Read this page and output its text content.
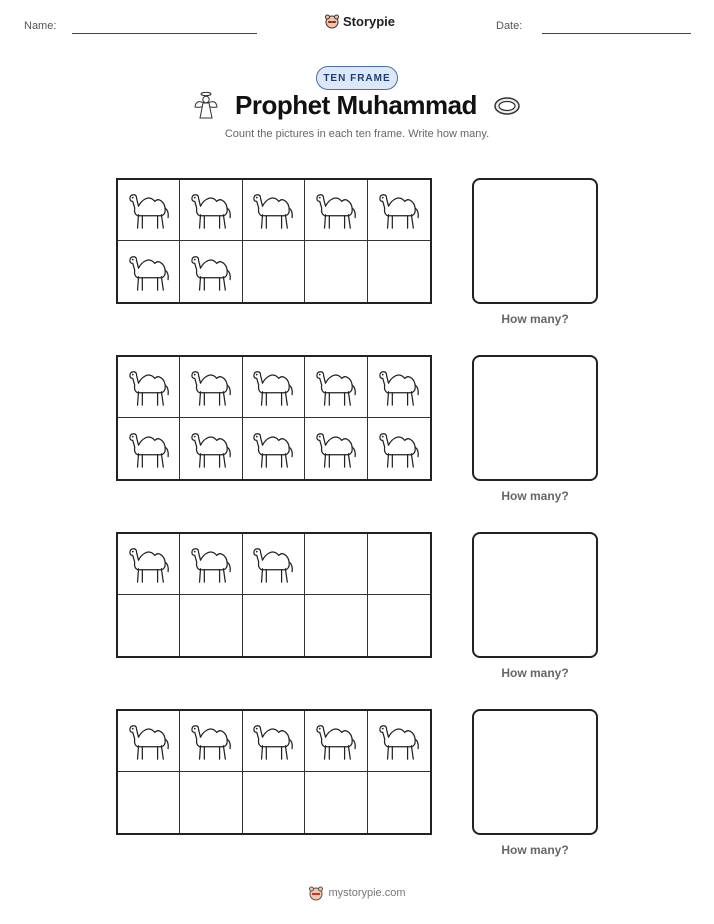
Name:	Storypie	Date:
TEN FRAME
Prophet Muhammad
Count the pictures in each ten frame. Write how many.
How many?
How many?
How many?
How many?
mystorypie.com
